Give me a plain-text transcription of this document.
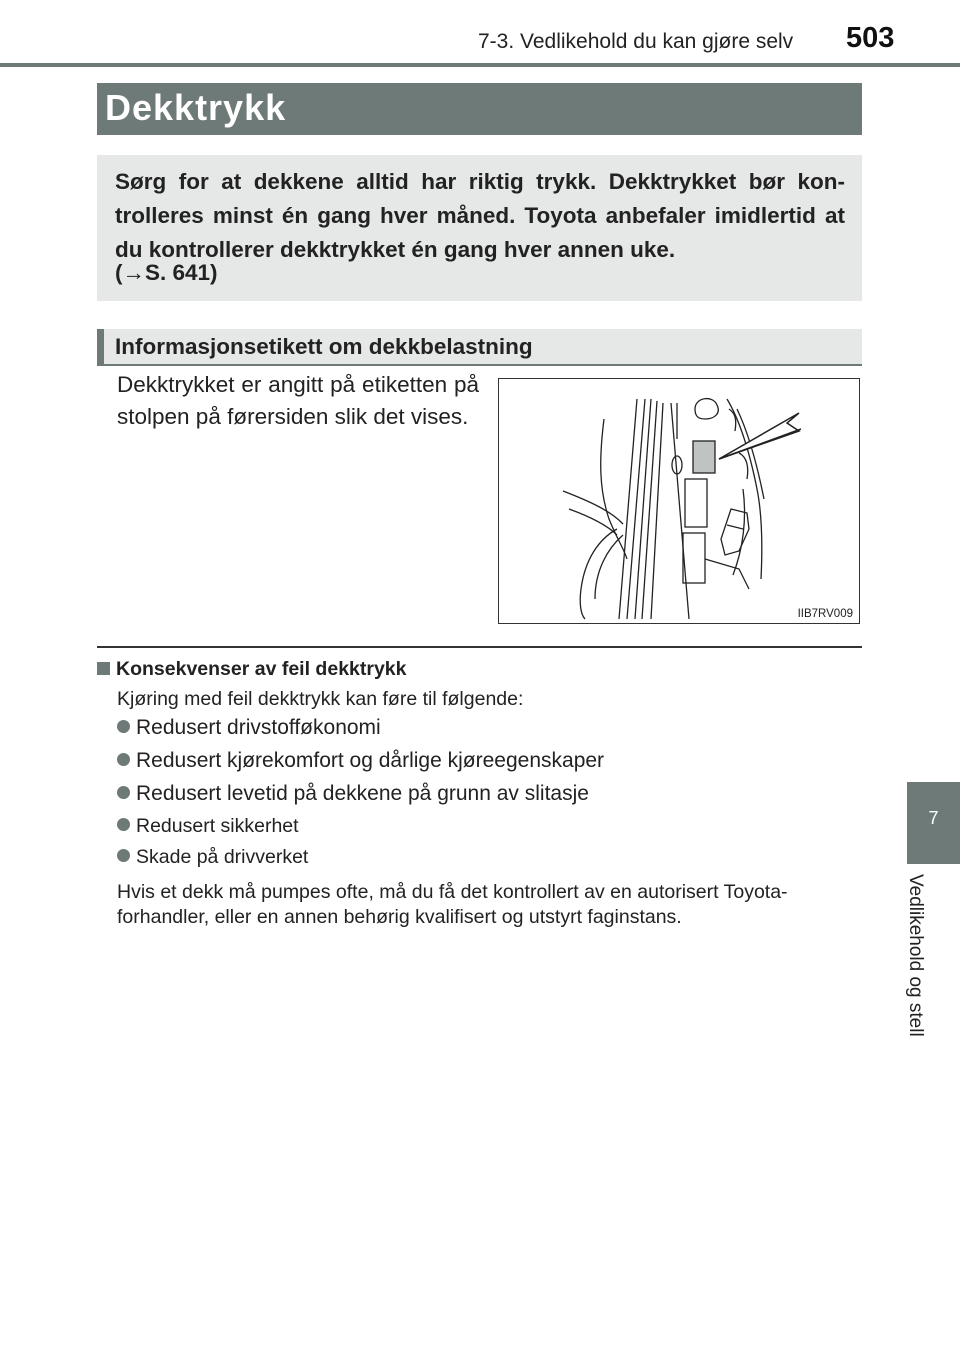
7-3. Vedlikehold du kan gjøre selv 503
Dekktrykk
Sørg for at dekkene alltid har riktig trykk. Dekktrykket bør kontrolleres minst én gang hver måned. Toyota anbefaler imidlertid at du kontrollerer dekktrykket én gang hver annen uke.
(→S. 641)
Informasjonsetikett om dekkbelastning
Dekktrykket er angitt på etiketten på stolpen på førersiden slik det vises.
IIB7RV009
Konsekvenser av feil dekktrykk
Kjøring med feil dekktrykk kan føre til følgende:
Redusert drivstofføkonomi
Redusert kjørekomfort og dårlige kjøreegenskaper
Redusert levetid på dekkene på grunn av slitasje
Redusert sikkerhet
Skade på drivverket
Hvis et dekk må pumpes ofte, må du få det kontrollert av en autorisert Toyota-forhandler, eller en annen behørig kvalifisert og utstyrt faginstans.
7
Vedlikehold og stell
